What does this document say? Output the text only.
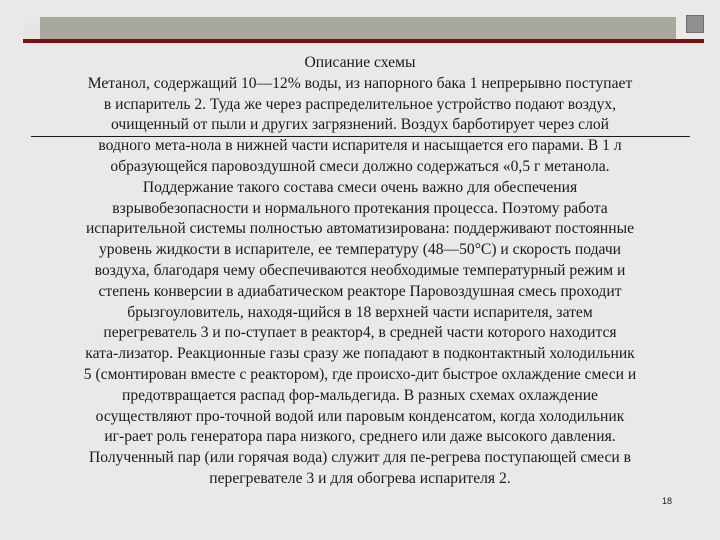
Описание схемы
Метанол, содержащий 10—12% воды, из напорного бака 1 непрерывно поступает
в испаритель 2. Туда же через распределительное устройство подают воздух,
очищенный от пыли и других загрязнений. Воздух барботирует через слой
водного мета-нола в нижней части испарителя и насыщается его парами. В 1 л
образующейся паровоздушной смеси должно содержаться «0,5 г метанола.
Поддержание такого состава смеси очень важно для обеспечения
взрывобезопасности и нормального протекания процесса. Поэтому работа
испарительной системы полностью автоматизирована: поддерживают постоянные
уровень жидкости в испарителе, ее температуру (48—50°С) и скорость подачи
воздуха, благодаря чему обеспечиваются необходимые температурный режим и
степень конверсии в адиабатическом реакторе Паровоздушная смесь проходит
брызгоуловитель, находя-щийся в 18 верхней части испарителя, затем
перегреватель 3 и по-ступает в реактор4, в средней части которого находится
ката-лизатор. Реакционные газы сразу же попадают в подконтактный холодильник
5 (смонтирован вместе с реактором), где происхо-дит быстрое охлаждение смеси и
предотвращается распад фор-мальдегида. В разных схемах охлаждение
осуществляют про-точной водой или паровым конденсатом, когда холодильник
иг-рает роль генератора пара низкого, среднего или даже высокого давления.
Полученный пар (или горячая вода) служит для пе-регрева поступающей смеси в
перегревателе 3 и для обогрева испарителя 2.
18
